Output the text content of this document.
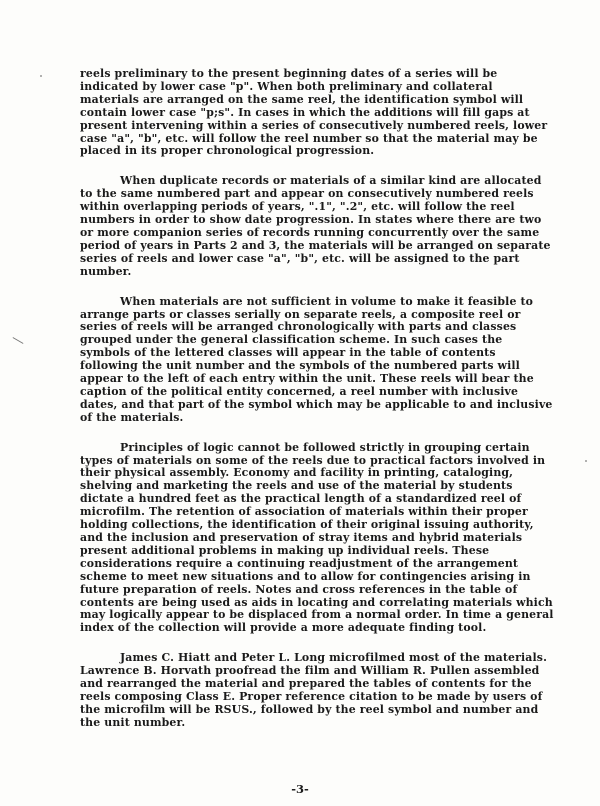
reels preliminary to the present beginning dates of a series will be indicated by lower case "p". When both preliminary and collateral materials are arranged on the same reel, the identification symbol will contain lower case "p;s". In cases in which the additions will fill gaps at present intervening within a series of consecutively numbered reels, lower case "a", "b", etc. will follow the reel number so that the material may be placed in its proper chronological progression.

When duplicate records or materials of a similar kind are allocated to the same numbered part and appear on consecutively numbered reels within overlapping periods of years, ".1", ".2", etc. will follow the reel numbers in order to show date progression. In states where there are two or more companion series of records running concurrently over the same period of years in Parts 2 and 3, the materials will be arranged on separate series of reels and lower case "a", "b", etc. will be assigned to the part number.

When materials are not sufficient in volume to make it feasible to arrange parts or classes serially on separate reels, a composite reel or series of reels will be arranged chronologically with parts and classes grouped under the general classification scheme. In such cases the symbols of the lettered classes will appear in the table of contents following the unit number and the symbols of the numbered parts will appear to the left of each entry within the unit. These reels will bear the caption of the political entity concerned, a reel number with inclusive dates, and that part of the symbol which may be applicable to and inclusive of the materials.

Principles of logic cannot be followed strictly in grouping certain types of materials on some of the reels due to practical factors involved in their physical assembly. Economy and facility in printing, cataloging, shelving and marketing the reels and use of the material by students dictate a hundred feet as the practical length of a standardized reel of microfilm. The retention of association of materials within their proper holding collections, the identification of their original issuing authority, and the inclusion and preservation of stray items and hybrid materials present additional problems in making up individual reels. These considerations require a continuing readjustment of the arrangement scheme to meet new situations and to allow for contingencies arising in future preparation of reels. Notes and cross references in the table of contents are being used as aids in locating and correlating materials which may logically appear to be displaced from a normal order. In time a general index of the collection will provide a more adequate finding tool.

James C. Hiatt and Peter L. Long microfilmed most of the materials. Lawrence B. Horvath proofread the film and William R. Pullen assembled and rearranged the material and prepared the tables of contents for the reels composing Class E. Proper reference citation to be made by users of the microfilm will be RSUS., followed by the reel symbol and number and the unit number.

-3-
